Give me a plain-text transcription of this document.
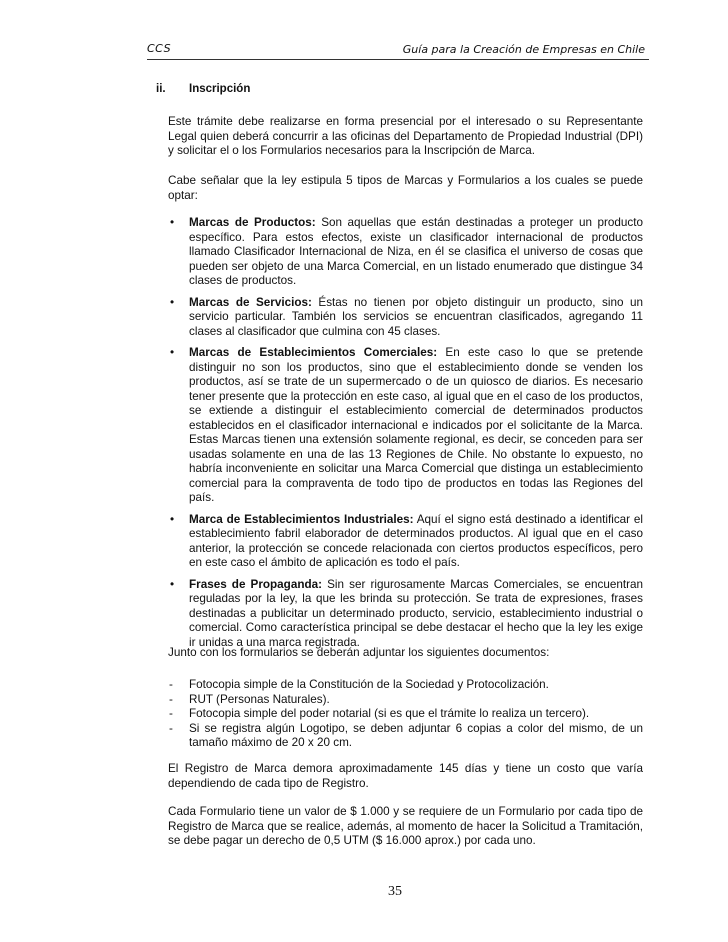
CCS	Guía para la Creación de Empresas en Chile
ii. Inscripción

Este trámite debe realizarse en forma presencial por el interesado o su Representante Legal quien deberá concurrir a las oficinas del Departamento de Propiedad Industrial (DPI) y solicitar el o los Formularios necesarios para la Inscripción de Marca.

Cabe señalar que la ley estipula 5 tipos de Marcas y Formularios a los cuales se puede optar:

• Marcas de Productos: Son aquellas que están destinadas a proteger un producto específico. Para estos efectos, existe un clasificador internacional de productos llamado Clasificador Internacional de Niza, en él se clasifica el universo de cosas que pueden ser objeto de una Marca Comercial, en un listado enumerado que distingue 34 clases de productos.
• Marcas de Servicios: Éstas no tienen por objeto distinguir un producto, sino un servicio particular. También los servicios se encuentran clasificados, agregando 11 clases al clasificador que culmina con 45 clases.
• Marcas de Establecimientos Comerciales: En este caso lo que se pretende distinguir no son los productos, sino que el establecimiento donde se venden los productos, así se trate de un supermercado o de un quiosco de diarios. Es necesario tener presente que la protección en este caso, al igual que en el caso de los productos, se extiende a distinguir el establecimiento comercial de determinados productos establecidos en el clasificador internacional e indicados por el solicitante de la Marca. Estas Marcas tienen una extensión solamente regional, es decir, se conceden para ser usadas solamente en una de las 13 Regiones de Chile. No obstante lo expuesto, no habría inconveniente en solicitar una Marca Comercial que distinga un establecimiento comercial para la compraventa de todo tipo de productos en todas las Regiones del país.
• Marca de Establecimientos Industriales: Aquí el signo está destinado a identificar el establecimiento fabril elaborador de determinados productos. Al igual que en el caso anterior, la protección se concede relacionada con ciertos productos específicos, pero en este caso el ámbito de aplicación es todo el país.
• Frases de Propaganda: Sin ser rigurosamente Marcas Comerciales, se encuentran reguladas por la ley, la que les brinda su protección. Se trata de expresiones, frases destinadas a publicitar un determinado producto, servicio, establecimiento industrial o comercial. Como característica principal se debe destacar el hecho que la ley les exige ir unidas a una marca registrada.

Junto con los formularios se deberán adjuntar los siguientes documentos:

- Fotocopia simple de la Constitución de la Sociedad y Protocolización.
- RUT (Personas Naturales).
- Fotocopia simple del poder notarial (si es que el trámite lo realiza un tercero).
- Si se registra algún Logotipo, se deben adjuntar 6 copias a color del mismo, de un tamaño máximo de 20 x 20 cm.

El Registro de Marca demora aproximadamente 145 días y tiene un costo que varía dependiendo de cada tipo de Registro.

Cada Formulario tiene un valor de $ 1.000 y se requiere de un Formulario por cada tipo de Registro de Marca que se realice, además, al momento de hacer la Solicitud a Tramitación, se debe pagar un derecho de 0,5 UTM ($ 16.000 aprox.) por cada uno.

35
